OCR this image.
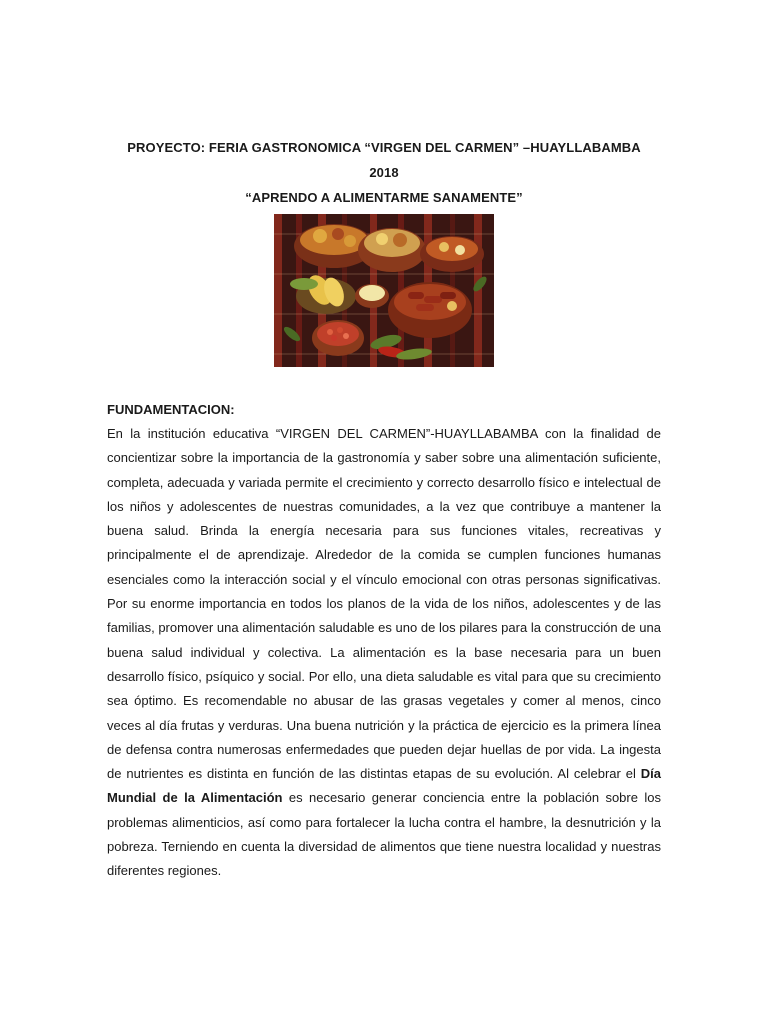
PROYECTO: FERIA GASTRONOMICA “VIRGEN DEL CARMEN” –HUAYLLABAMBA
2018
“APRENDO A ALIMENTARME SANAMENTE”
FUNDAMENTACION:

En la institución educativa “VIRGEN DEL CARMEN”-HUAYLLABAMBA con la finalidad de concientizar sobre la importancia de la gastronomía y saber sobre una alimentación suficiente, completa, adecuada y variada permite el crecimiento y correcto desarrollo físico e intelectual de los niños y adolescentes de nuestras comunidades, a la vez que contribuye a mantener la buena salud. Brinda la energía necesaria para sus funciones vitales, recreativas y principalmente el de aprendizaje. Alrededor de la comida se cumplen funciones humanas esenciales como la interacción social y el vínculo emocional con otras personas significativas. Por su enorme importancia en todos los planos de la vida de los niños, adolescentes y de las familias, promover una alimentación saludable es uno de los pilares para la construcción de una buena salud individual y colectiva. La alimentación es la base necesaria para un buen desarrollo físico, psíquico y social. Por ello, una dieta saludable es vital para que su crecimiento sea óptimo. Es recomendable no abusar de las grasas vegetales y comer al menos, cinco veces al día frutas y verduras. Una buena nutrición y la práctica de ejercicio es la primera línea de defensa contra numerosas enfermedades que pueden dejar huellas de por vida. La ingesta de nutrientes es distinta en función de las distintas etapas de su evolución. Al celebrar el Día Mundial de la Alimentación es necesario generar conciencia entre la población sobre los problemas alimenticios, así como para fortalecer la lucha contra el hambre, la desnutrición y la pobreza. Terniendo en cuenta la diversidad de alimentos que tiene nuestra localidad y nuestras diferentes regiones.
